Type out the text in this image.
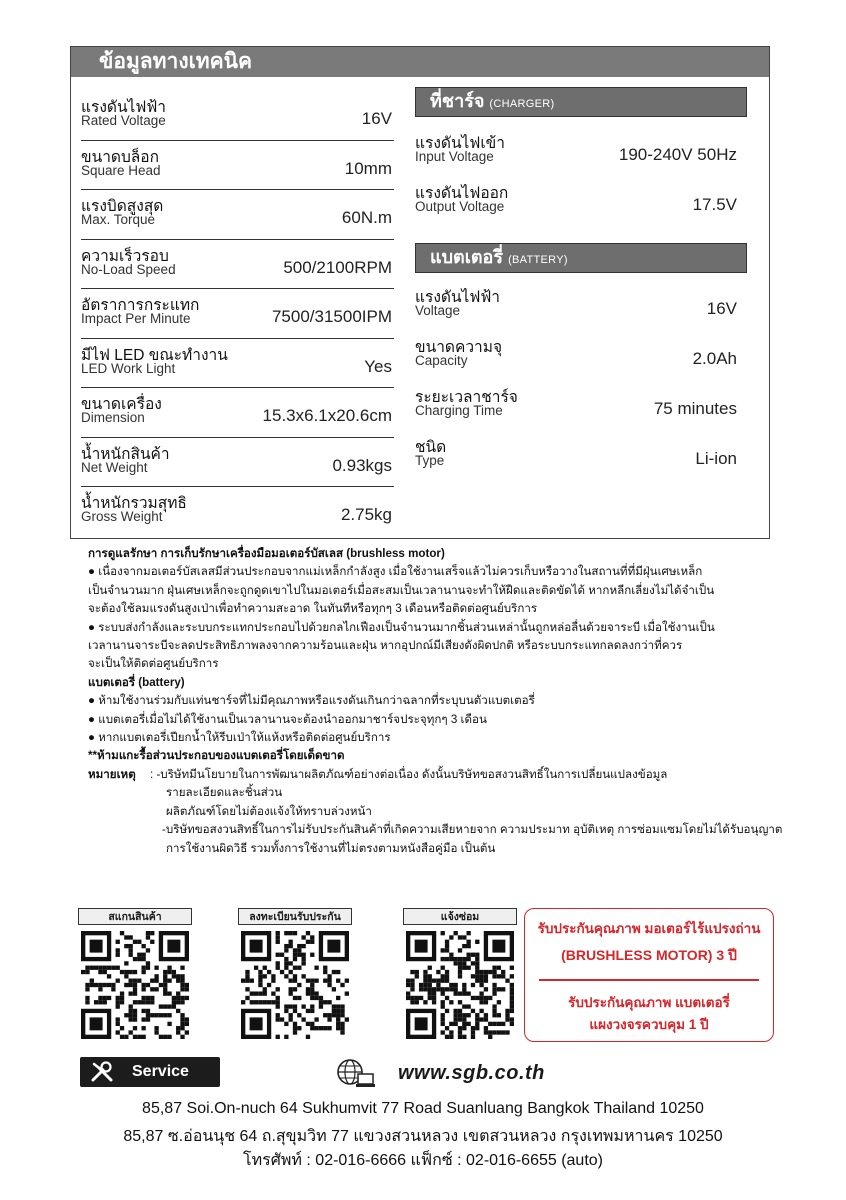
ข้อมูลทางเทคนิค
แรงดันไฟฟ้า
Rated Voltage	16V
ขนาดบล็อก
Square Head	10mm
แรงบิดสูงสุด
Max. Torque	60N.m
ความเร็วรอบ
No-Load Speed	500/2100RPM
อัตราการกระแทก
Impact Per Minute	7500/31500IPM
มีไฟ LED ขณะทำงาน
LED Work Light	Yes
ขนาดเครื่อง
Dimension	15.3x6.1x20.6cm
น้ำหนักสินค้า
Net Weight	0.93kgs
น้ำหนักรวมสุทธิ
Gross Weight	2.75kg
ที่ชาร์จ (CHARGER)
แรงดันไฟเข้า
Input Voltage	190-240V 50Hz
แรงดันไฟออก
Output Voltage	17.5V
แบตเตอรี่ (BATTERY)
แรงดันไฟฟ้า
Voltage	16V
ขนาดความจุ
Capacity	2.0Ah
ระยะเวลาชาร์จ
Charging Time	75 minutes
ชนิด
Type	Li-ion

การดูแลรักษา การเก็บรักษาเครื่องมือมอเตอร์บัสเลส (brushless motor)

● เนื่องจากมอเตอร์บัสเลสมีส่วนประกอบจากแม่เหล็กกำลังสูง เมื่อใช้งานเสร็จแล้วไม่ควรเก็บหรือวางในสถานที่ที่มีฝุ่นเศษเหล็ก

เป็นจำนวนมาก ฝุ่นเศษเหล็กจะถูกดูดเขาไปในมอเตอร์เมื่อสะสมเป็นเวลานานจะทำให้ฝืดและติดขัดได้ หากหลีกเลี่ยงไม่ได้จำเป็น

จะต้องใช้ลมแรงดันสูงเป่าเพื่อทำความสะอาด ในทันทีหรือทุกๆ 3 เดือนหรือติดต่อศูนย์บริการ

● ระบบส่งกำลังและระบบกระแทกประกอบไปด้วยกลไกเฟืองเป็นจำนวนมากชิ้นส่วนเหล่านั้นถูกหล่อลื่นด้วยจาระบี เมื่อใช้งานเป็น

เวลานานจาระบีจะลดประสิทธิภาพลงจากความร้อนและฝุ่น หากอุปกณ์มีเสียงดังผิดปกติ หรือระบบกระแทกลดลงกว่าที่ควร

จะเป็นให้ติดต่อศูนย์บริการ

แบตเตอรี่ (battery)

● ห้ามใช้งานร่วมกับแท่นชาร์จที่ไม่มีคุณภาพหรือแรงดันเกินกว่าฉลากที่ระบุบนตัวแบตเตอรี่

● แบตเตอรี่เมื่อไม่ได้ใช้งานเป็นเวลานานจะต้องนำออกมาชาร์จประจุทุกๆ 3 เดือน

● หากแบตเตอรี่เปียกน้ำให้รีบเป่าให้แห้งหรือติดต่อศูนย์บริการ

**ห้ามแกะรื้อส่วนประกอบของแบตเตอรี่โดยเด็ดขาด

หมายเหตุ : -บริษัทมีนโยบายในการพัฒนาผลิตภัณฑ์อย่างต่อเนื่อง ดังนั้นบริษัทขอสงวนสิทธิ์ในการเปลี่ยนแปลงข้อมูล

รายละเอียดและชิ้นส่วน

ผลิตภัณฑ์โดยไม่ต้องแจ้งให้ทราบล่วงหน้า

-บริษัทขอสงวนสิทธิ์ในการไม่รับประกันสินค้าที่เกิดความเสียหายจาก ความประมาท อุบัติเหตุ การซ่อมแซมโดยไม่ได้รับอนุญาต

การใช้งานผิดวิธี รวมทั้งการใช้งานที่ไม่ตรงตามหนังสือคู่มือ เป็นต้น

สแกนสินค้า	ลงทะเบียนรับประกัน	แจ้งซ่อม
รับประกันคุณภาพ มอเตอร์ไร้แปรงถ่าน
(BRUSHLESS MOTOR) 3 ปี
รับประกันคุณภาพ แบตเตอรี่
แผงวงจรควบคุม 1 ปี
Service	www.sgb.co.th
85,87 Soi.On-nuch 64 Sukhumvit 77 Road Suanluang Bangkok Thailand 10250
85,87 ซ.อ่อนนุช 64 ถ.สุขุมวิท 77 แขวงสวนหลวง เขตสวนหลวง กรุงเทพมหานคร 10250
โทรศัพท์ : 02-016-6666 แฟ็กซ์ : 02-016-6655 (auto)
